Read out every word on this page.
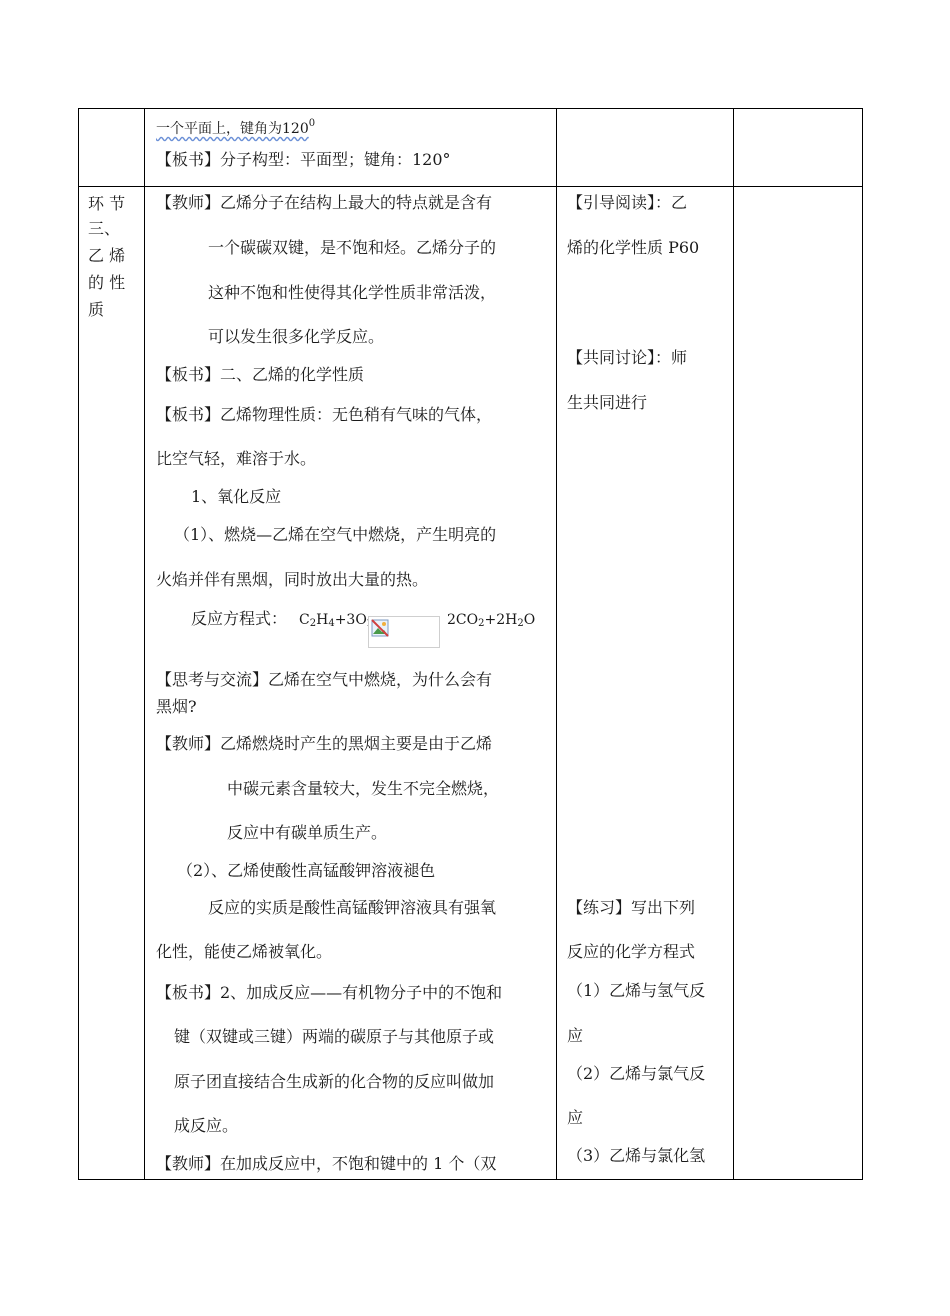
一个平面上，键角为$120^0$
【板书】分子构型：平面型；键角：120°
环 节
三、
乙 烯
的 性
质
【教师】乙烯分子在结构上最大的特点就是含有
一个碳碳双键，是不饱和烃。乙烯分子的
这种不饱和性使得其化学性质非常活泼，
可以发生很多化学反应。
【板书】二、乙烯的化学性质
【板书】乙烯物理性质：无色稍有气味的气体，
比空气轻，难溶于水。
1、氧化反应
（1）、燃烧—乙烯在空气中燃烧，产生明亮的
火焰并伴有黑烟，同时放出大量的热。
反应方程式： $C_2H_4+3O$	$2CO_2+2H_2O$
【思考与交流】乙烯在空气中燃烧，为什么会有
黑烟?
【教师】乙烯燃烧时产生的黑烟主要是由于乙烯
中碳元素含量较大，发生不完全燃烧，
反应中有碳单质生产。
（2）、乙烯使酸性高锰酸钾溶液褪色
反应的实质是酸性高锰酸钾溶液具有强氧
化性，能使乙烯被氧化。
【板书】2、加成反应——有机物分子中的不饱和
键（双键或三键）两端的碳原子与其他原子或
原子团直接结合生成新的化合物的反应叫做加
成反应。
【教师】在加成反应中，不饱和键中的 1 个（双
【引导阅读】：乙
烯的化学性质 P60
【共同讨论】：师
生共同进行
【练习】写出下列
反应的化学方程式
（1）乙烯与氢气反
应
（2）乙烯与氯气反
应
（3）乙烯与氯化氢
